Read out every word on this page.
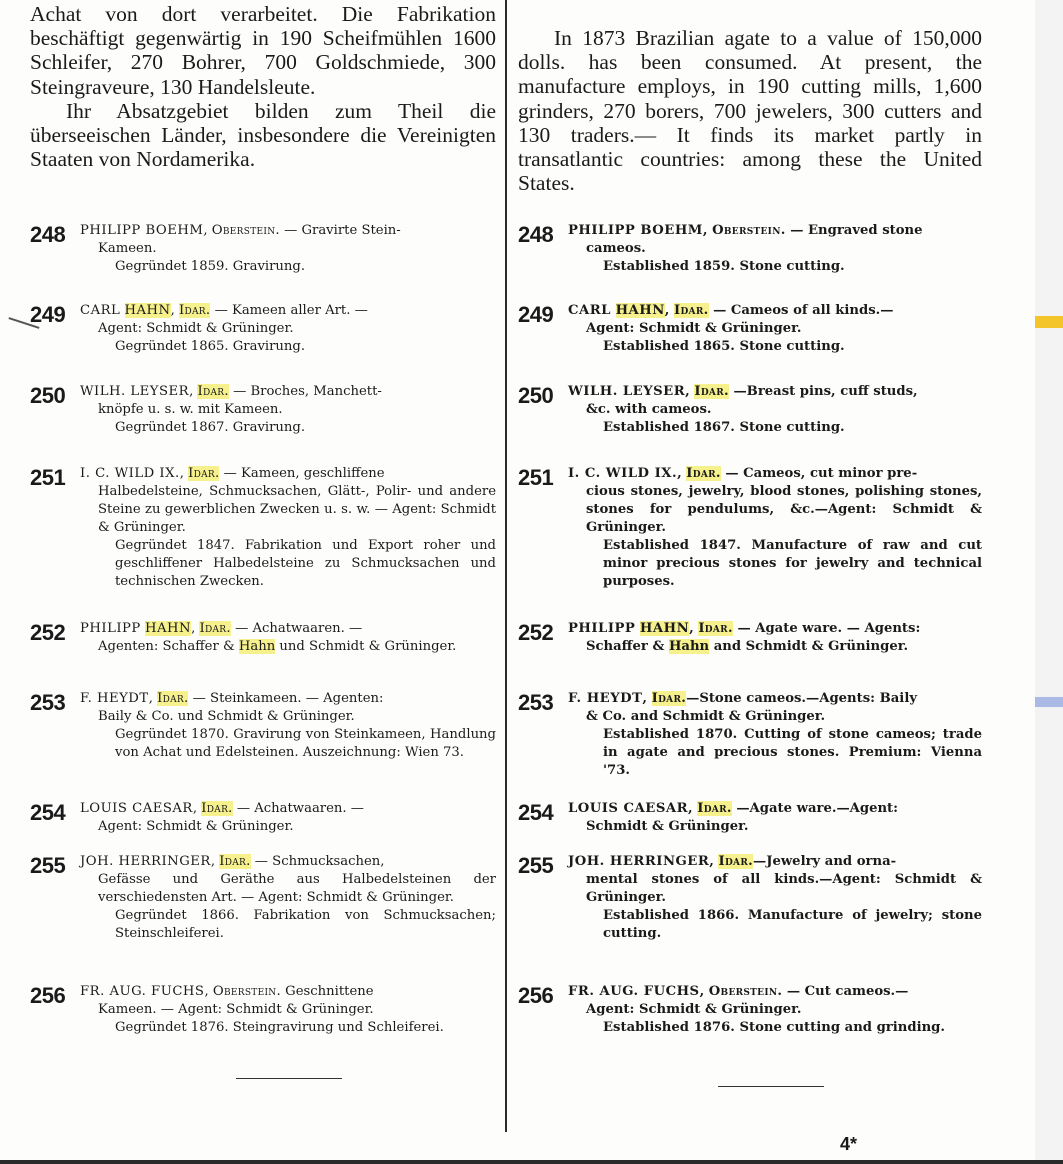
Achat von dort verarbeitet. Die Fabrikation beschäftigt gegenwärtig in 190 Scheifmühlen 1600 Schleifer, 270 Bohrer, 700 Goldschmiede, 300 Steingraveure, 130 Handelsleute.

Ihr Absatzgebiet bilden zum Theil die überseeischen Länder, insbesondere die Vereinigten Staaten von Nordamerika.

248 PHILIPP BOEHM, Oberstein. — Gravirte Stein-
Kameen.
Gegründet 1859. Gravirung.
249 CARL HAHN, Idar. — Kameen aller Art. —
Agent: Schmidt & Grüninger.
Gegründet 1865. Gravirung.
250 WILH. LEYSER, Idar. — Broches, Manchett-
knöpfe u. s. w. mit Kameen.
Gegründet 1867. Gravirung.
251 I. C. WILD IX., Idar. — Kameen, geschliffene
Halbedelsteine, Schmucksachen, Glätt-, Polir- und andere Steine zu gewerblichen Zwecken u. s. w. — Agent: Schmidt & Grüninger.
Gegründet 1847. Fabrikation und Export roher und geschliffener Halbedelsteine zu Schmucksachen und technischen Zwecken.
252 PHILIPP HAHN, Idar. — Achatwaaren. —
Agenten: Schaffer & Hahn und Schmidt & Grüninger.
253 F. HEYDT, Idar. — Steinkameen. — Agenten:
Baily & Co. und Schmidt & Grüninger.
Gegründet 1870. Gravirung von Steinkameen, Handlung von Achat und Edelsteinen. Auszeichnung: Wien 73.
254 LOUIS CAESAR, Idar. — Achatwaaren. —
Agent: Schmidt & Grüninger.
255 JOH. HERRINGER, Idar. — Schmucksachen,
Gefässe und Geräthe aus Halbedelsteinen der verschiedensten Art. — Agent: Schmidt & Grüninger.
Gegründet 1866. Fabrikation von Schmucksachen; Steinschleiferei.
256 FR. AUG. FUCHS, Oberstein. Geschnittene
Kameen. — Agent: Schmidt & Grüninger.
Gegründet 1876. Steingravirung und Schleiferei.

In 1873 Brazilian agate to a value of 150,000 dolls. has been consumed. At present, the manufacture employs, in 190 cutting mills, 1,600 grinders, 270 borers, 700 jewelers, 300 cutters and 130 traders.— It finds its market partly in transatlantic countries: among these the United States.

248 PHILIPP BOEHM, Oberstein. — Engraved stone
cameos.
Established 1859. Stone cutting.
249 CARL HAHN, Idar. — Cameos of all kinds.—
Agent: Schmidt & Grüninger.
Established 1865. Stone cutting.
250 WILH. LEYSER, Idar. —Breast pins, cuff studs,
&c. with cameos.
Established 1867. Stone cutting.
251 I. C. WILD IX., Idar. — Cameos, cut minor pre-
cious stones, jewelry, blood stones, polishing stones, stones for pendulums, &c.—Agent: Schmidt & Grüninger.
Established 1847. Manufacture of raw and cut minor precious stones for jewelry and technical purposes.
252 PHILIPP HAHN, Idar. — Agate ware. — Agents:
Schaffer & Hahn and Schmidt & Grüninger.
253 F. HEYDT, Idar.—Stone cameos.—Agents: Baily
& Co. and Schmidt & Grüninger.
Established 1870. Cutting of stone cameos; trade in agate and precious stones. Premium: Vienna '73.
254 LOUIS CAESAR, Idar. —Agate ware.—Agent:
Schmidt & Grüninger.
255 JOH. HERRINGER, Idar.—Jewelry and orna-
mental stones of all kinds.—Agent: Schmidt & Grüninger.
Established 1866. Manufacture of jewelry; stone cutting.
256 FR. AUG. FUCHS, Oberstein. — Cut cameos.—
Agent: Schmidt & Grüninger.
Established 1876. Stone cutting and grinding.
4*
